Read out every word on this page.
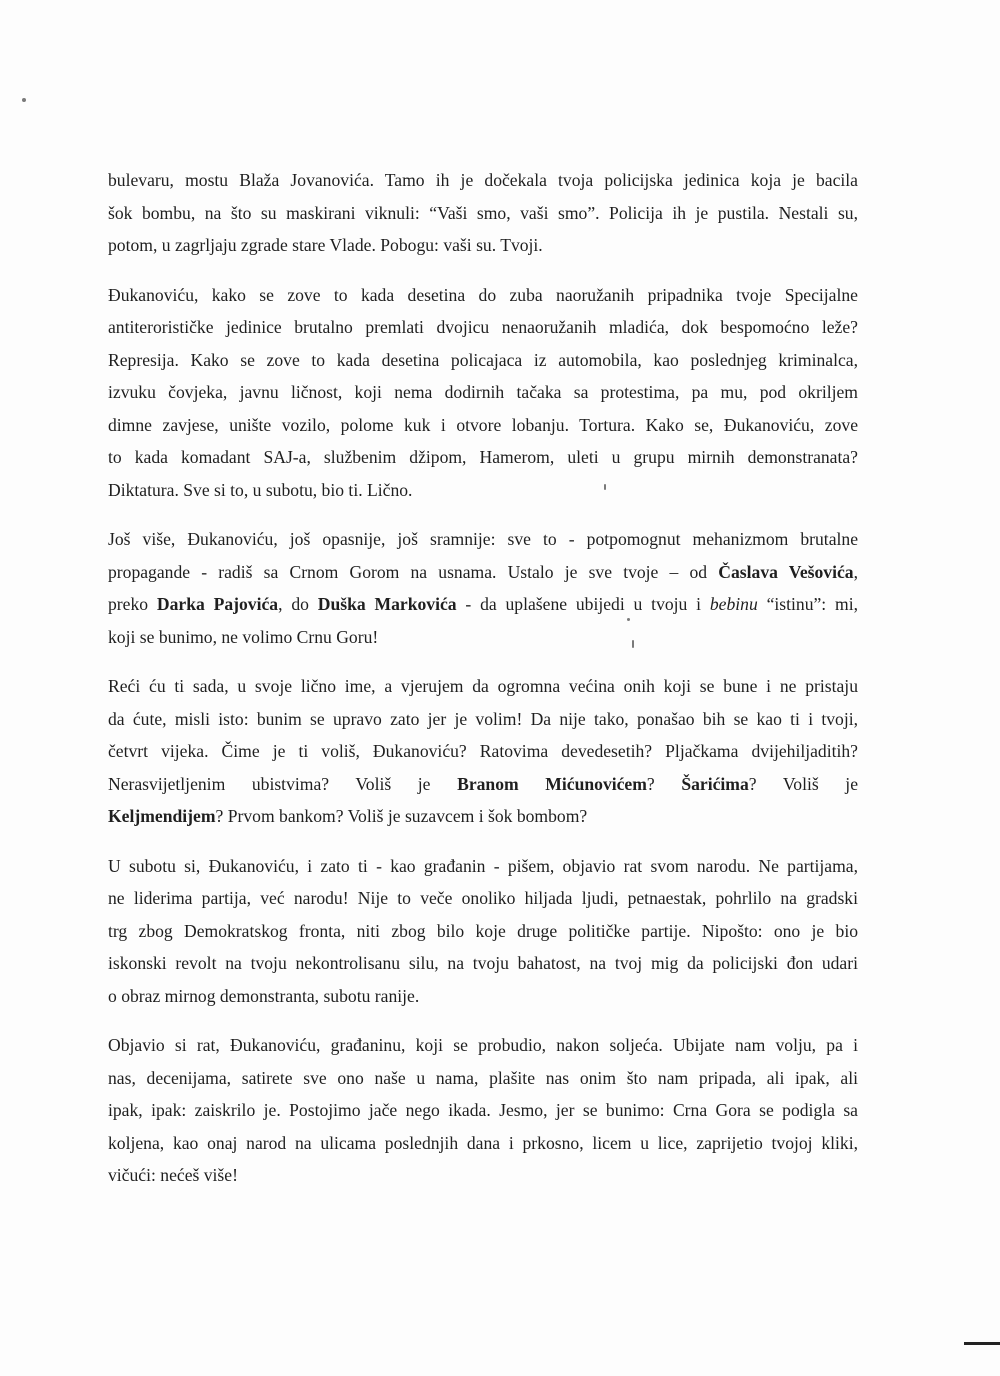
bulevaru, mostu Blaža Jovanovića. Tamo ih je dočekala tvoja policijska jedinica koja je bacila
šok bombu, na što su maskirani viknuli: “Vaši smo, vaši smo”. Policija ih je pustila. Nestali su,
potom, u zagrljaju zgrade stare Vlade. Pobogu: vaši su. Tvoji.

Đukanoviću, kako se zove to kada desetina do zuba naoružanih pripadnika tvoje Specijalne
antiterorističke jedinice brutalno premlati dvojicu nenaoružanih mladića, dok bespomoćno leže?
Represija. Kako se zove to kada desetina policajaca iz automobila, kao poslednjeg kriminalca,
izvuku čovjeka, javnu ličnost, koji nema dodirnih tačaka sa protestima, pa mu, pod okriljem
dimne zavjese, unište vozilo, polome kuk i otvore lobanju. Tortura. Kako se, Đukanoviću, zove
to kada komadant SAJ-a, službenim džipom, Hamerom, uleti u grupu mirnih demonstranata?
Diktatura. Sve si to, u subotu, bio ti. Lično.

Još više, Đukanoviću, još opasnije, još sramnije: sve to - potpomognut mehanizmom brutalne
propagande - radiš sa Crnom Gorom na usnama. Ustalo je sve tvoje – od Časlava Vešovića,
preko Darka Pajovića, do Duška Markovića - da uplašene ubijedi u tvoju i bebinu “istinu”: mi,
koji se bunimo, ne volimo Crnu Goru!

Reći ću ti sada, u svoje lično ime, a vjerujem da ogromna većina onih koji se bune i ne pristaju
da ćute, misli isto: bunim se upravo zato jer je volim! Da nije tako, ponašao bih se kao ti i tvoji,
četvrt vijeka. Čime je ti voliš, Đukanoviću? Ratovima devedesetih? Pljačkama dvijehiljaditih?
Nerasvijetljenim ubistvima? Voliš je Branom Mićunovićem? Šarićima? Voliš je
Keljmendijem? Prvom bankom? Voliš je suzavcem i šok bombom?

U subotu si, Đukanoviću, i zato ti - kao građanin - pišem, objavio rat svom narodu. Ne partijama,
ne liderima partija, već narodu! Nije to veče onoliko hiljada ljudi, petnaestak, pohrlilo na gradski
trg zbog Demokratskog fronta, niti zbog bilo koje druge političke partije. Nipošto: ono je bio
iskonski revolt na tvoju nekontrolisanu silu, na tvoju bahatost, na tvoj mig da policijski đon udari
o obraz mirnog demonstranta, subotu ranije.

Objavio si rat, Đukanoviću, građaninu, koji se probudio, nakon soljeća. Ubijate nam volju, pa i
nas, decenijama, satirete sve ono naše u nama, plašite nas onim što nam pripada, ali ipak, ali
ipak, ipak: zaiskrilo je. Postojimo jače nego ikada. Jesmo, jer se bunimo: Crna Gora se podigla sa
koljena, kao onaj narod na ulicama poslednjih dana i prkosno, licem u lice, zaprijetio tvojoj kliki,
vičući: nećeš više!
